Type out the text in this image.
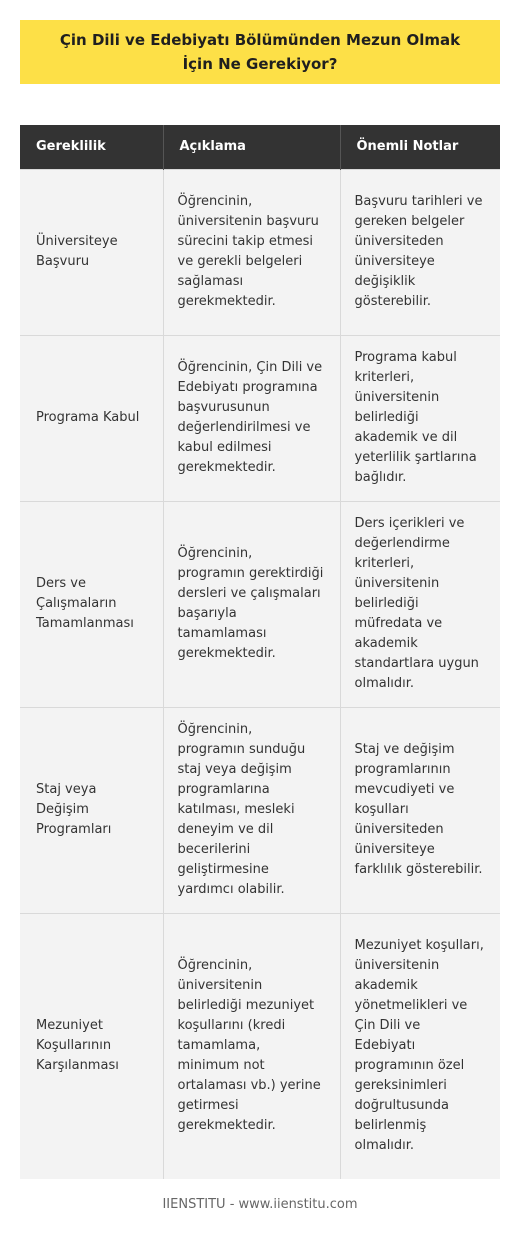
Çin Dili ve Edebiyatı Bölümünden Mezun Olmak İçin Ne Gerekiyor?
Gereklilik	Açıklama	Önemli Notlar
Üniversiteye Başvuru	Öğrencinin, üniversitenin başvuru sürecini takip etmesi ve gerekli belgeleri sağlaması gerekmektedir.	Başvuru tarihleri ve gereken belgeler üniversiteden üniversiteye değişiklik gösterebilir.
Programa Kabul	Öğrencinin, Çin Dili ve Edebiyatı programına başvurusunun değerlendirilmesi ve kabul edilmesi gerekmektedir.	Programa kabul kriterleri, üniversitenin belirlediği akademik ve dil yeterlilik şartlarına bağlıdır.
Ders ve Çalışmaların Tamamlanması	Öğrencinin, programın gerektirdiği dersleri ve çalışmaları başarıyla tamamlaması gerekmektedir.	Ders içerikleri ve değerlendirme kriterleri, üniversitenin belirlediği müfredata ve akademik standartlara uygun olmalıdır.
Staj veya Değişim Programları	Öğrencinin, programın sunduğu staj veya değişim programlarına katılması, mesleki deneyim ve dil becerilerini geliştirmesine yardımcı olabilir.	Staj ve değişim programlarının mevcudiyeti ve koşulları üniversiteden üniversiteye farklılık gösterebilir.
Mezuniyet Koşullarının Karşılanması	Öğrencinin, üniversitenin belirlediği mezuniyet koşullarını (kredi tamamlama, minimum not ortalaması vb.) yerine getirmesi gerekmektedir.	Mezuniyet koşulları, üniversitenin akademik yönetmelikleri ve Çin Dili ve Edebiyatı programının özel gereksinimleri doğrultusunda belirlenmiş olmalıdır.
IIENSTITU - www.iienstitu.com
